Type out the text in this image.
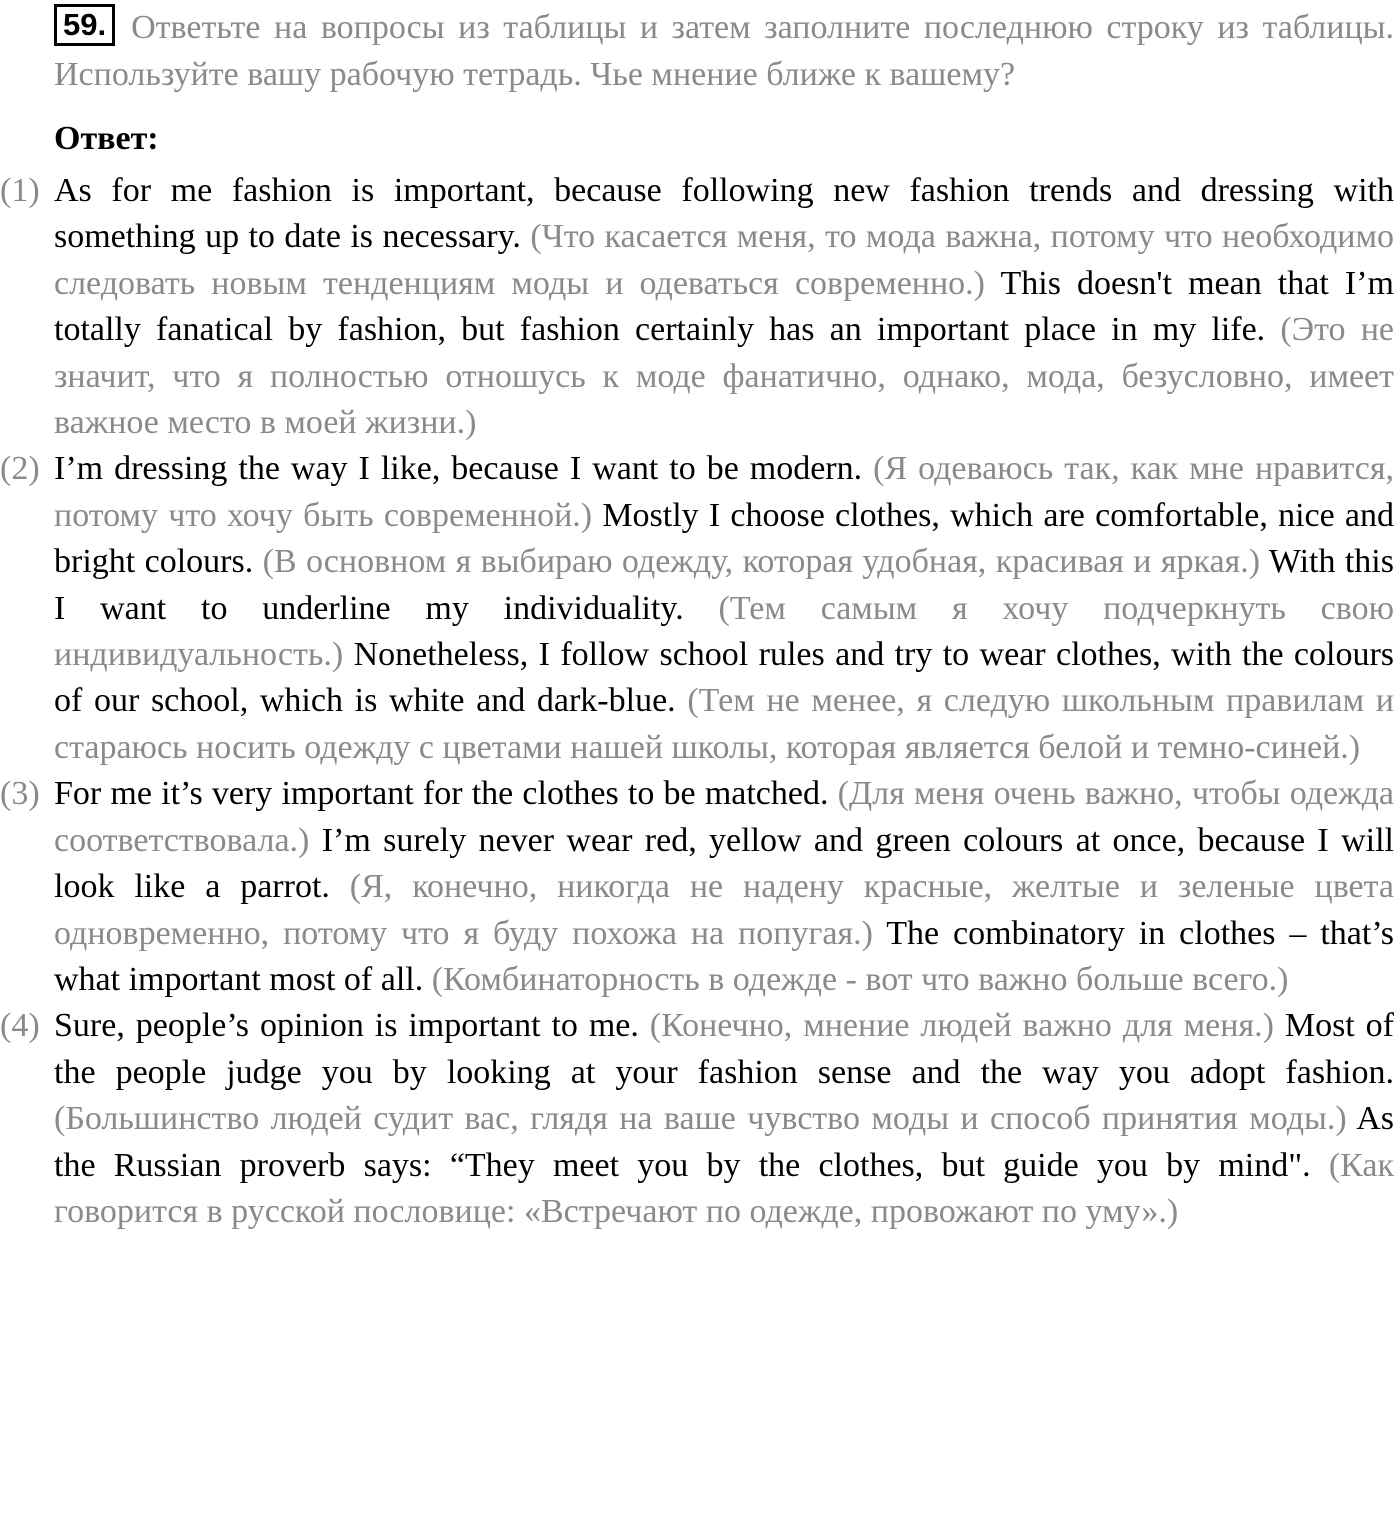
59. Ответьте на вопросы из таблицы и затем заполните последнюю строку из таблицы. Используйте вашу рабочую тетрадь. Чье мнение ближе к вашему?
Ответ:
(1) As for me fashion is important, because following new fashion trends and dressing with something up to date is necessary. (Что касается меня, то мода важна, потому что необходимо следовать новым тенденциям моды и одеваться современно.) This doesn't mean that I’m totally fanatical by fashion, but fashion certainly has an important place in my life. (Это не значит, что я полностью отношусь к моде фанатично, однако, мода, безусловно, имеет важное место в моей жизни.)
(2) I’m dressing the way I like, because I want to be modern. (Я одеваюсь так, как мне нравится, потому что хочу быть современной.) Mostly I choose clothes, which are comfortable, nice and bright colours. (В основном я выбираю одежду, которая удобная, красивая и яркая.) With this I want to underline my individuality. (Тем самым я хочу подчеркнуть свою индивидуальность.) Nonetheless, I follow school rules and try to wear clothes, with the colours of our school, which is white and dark-blue. (Тем не менее, я следую школьным правилам и стараюсь носить одежду с цветами нашей школы, которая является белой и темно-синей.)
(3) For me it’s very important for the clothes to be matched. (Для меня очень важно, чтобы одежда соответствовала.) I’m surely never wear red, yellow and green colours at once, because I will look like a parrot. (Я, конечно, никогда не надену красные, желтые и зеленые цвета одновременно, потому что я буду похожа на попугая.) The combinatory in clothes – that’s what important most of all. (Комбинаторность в одежде - вот что важно больше всего.)
(4) Sure, people’s opinion is important to me. (Конечно, мнение людей важно для меня.) Most of the people judge you by looking at your fashion sense and the way you adopt fashion. (Большинство людей судит вас, глядя на ваше чувство моды и способ принятия моды.) As the Russian proverb says: “They meet you by the clothes, but guide you by mind". (Как говорится в русской пословице: «Встречают по одежде, провожают по уму».)
